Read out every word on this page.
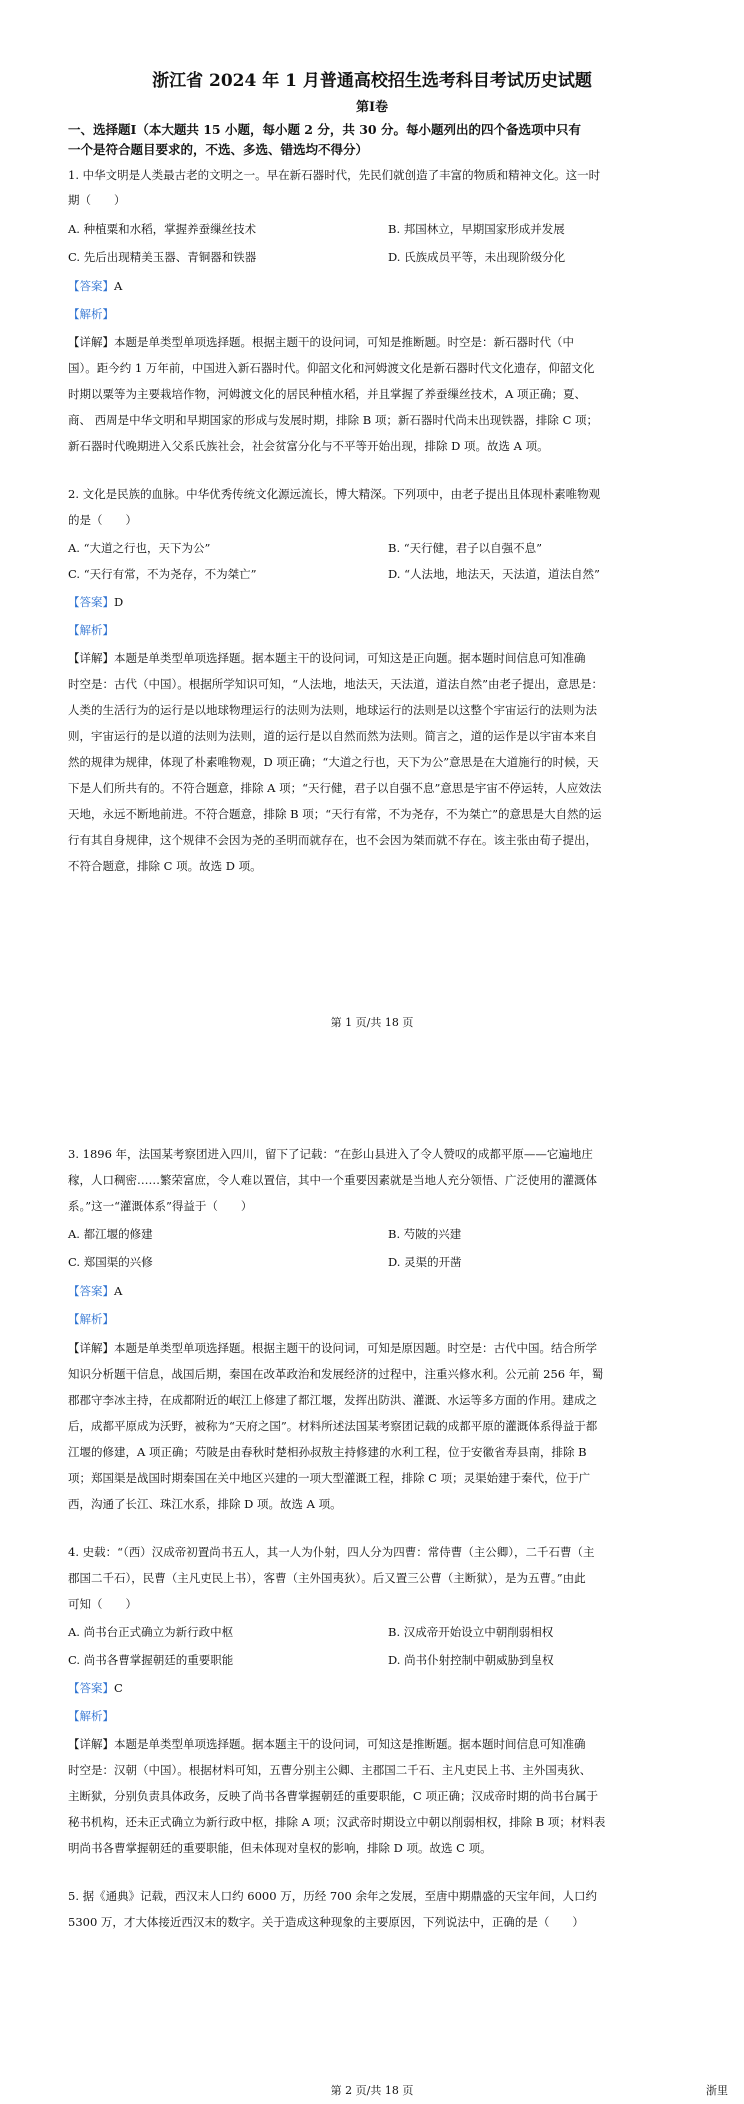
浙江省 2024 年 1 月普通高校招生选考科目考试历史试题
第Ⅰ卷
一、选择题Ⅰ（本大题共 15 小题，每小题 2 分，共 30 分。每小题列出的四个备选项中只有
一个是符合题目要求的，不选、多选、错选均不得分）
1. 中华文明是人类最古老的文明之一。早在新石器时代，先民们就创造了丰富的物质和精神文化。这一时
期（　　）
A. 种植粟和水稻，掌握养蚕缫丝技术	B. 邦国林立，早期国家形成并发展
C. 先后出现精美玉器、青铜器和铁器	D. 氏族成员平等，未出现阶级分化
【答案】A
【解析】
【详解】本题是单类型单项选择题。根据主题干的设问词，可知是推断题。时空是：新石器时代（中
国）。距今约 1 万年前，中国进入新石器时代。仰韶文化和河姆渡文化是新石器时代文化遗存，仰韶文化
时期以粟等为主要栽培作物，河姆渡文化的居民种植水稻，并且掌握了养蚕缫丝技术，A 项正确；夏、
商、 西周是中华文明和早期国家的形成与发展时期，排除 B 项；新石器时代尚未出现铁器，排除 C 项；
新石器时代晚期进入父系氏族社会，社会贫富分化与不平等开始出现，排除 D 项。故选 A 项。
2. 文化是民族的血脉。中华优秀传统文化源远流长，博大精深。下列项中，由老子提出且体现朴素唯物观
的是（　　）
A. “大道之行也，天下为公”	B. “天行健，君子以自强不息”
C. “天行有常，不为尧存，不为桀亡”	D. “人法地，地法天，天法道，道法自然”
【答案】D
【解析】
【详解】本题是单类型单项选择题。据本题主干的设问词，可知这是正向题。据本题时间信息可知准确
时空是：古代（中国）。根据所学知识可知，“人法地，地法天，天法道，道法自然”由老子提出，意思是：
人类的生活行为的运行是以地球物理运行的法则为法则，地球运行的法则是以这整个宇宙运行的法则为法
则，宇宙运行的是以道的法则为法则，道的运行是以自然而然为法则。简言之，道的运作是以宇宙本来自
然的规律为规律，体现了朴素唯物观，D 项正确；“大道之行也，天下为公”意思是在大道施行的时候，天
下是人们所共有的。不符合题意，排除 A 项；“天行健，君子以自强不息”意思是宇宙不停运转，人应效法
天地，永远不断地前进。不符合题意，排除 B 项；“天行有常，不为尧存，不为桀亡”的意思是大自然的运
行有其自身规律，这个规律不会因为尧的圣明而就存在，也不会因为桀而就不存在。该主张由荀子提出，
不符合题意，排除 C 项。故选 D 项。
第 1 页/共 18 页
3. 1896 年，法国某考察团进入四川，留下了记载：“在彭山县进入了令人赞叹的成都平原——它遍地庄
稼，人口稠密……繁荣富庶，令人难以置信，其中一个重要因素就是当地人充分领悟、广泛使用的灌溉体
系。”这一“灌溉体系”得益于（　　）
A. 都江堰的修建	B. 芍陂的兴建
C. 郑国渠的兴修	D. 灵渠的开凿
【答案】A
【解析】
【详解】本题是单类型单项选择题。根据主题干的设问词，可知是原因题。时空是：古代中国。结合所学
知识分析题干信息，战国后期，秦国在改革政治和发展经济的过程中，注重兴修水利。公元前 256 年，蜀
郡郡守李冰主持，在成都附近的岷江上修建了都江堰，发挥出防洪、灌溉、水运等多方面的作用。建成之
后，成都平原成为沃野，被称为“天府之国”。材料所述法国某考察团记载的成都平原的灌溉体系得益于都
江堰的修建，A 项正确；芍陂是由春秋时楚相孙叔敖主持修建的水利工程，位于安徽省寿县南，排除 B
项；郑国渠是战国时期秦国在关中地区兴建的一项大型灌溉工程，排除 C 项；灵渠始建于秦代，位于广
西，沟通了长江、珠江水系，排除 D 项。故选 A 项。
4. 史载：“（西）汉成帝初置尚书五人，其一人为仆射，四人分为四曹：常侍曹（主公卿），二千石曹（主
郡国二千石），民曹（主凡吏民上书），客曹（主外国夷狄）。后又置三公曹（主断狱），是为五曹。”由此
可知（　　）
A. 尚书台正式确立为新行政中枢	B. 汉成帝开始设立中朝削弱相权
C. 尚书各曹掌握朝廷的重要职能	D. 尚书仆射控制中朝威胁到皇权
【答案】C
【解析】
【详解】本题是单类型单项选择题。据本题主干的设问词，可知这是推断题。据本题时间信息可知准确
时空是：汉朝（中国）。根据材料可知，五曹分别主公卿、主郡国二千石、主凡吏民上书、主外国夷狄、
主断狱，分别负责具体政务，反映了尚书各曹掌握朝廷的重要职能，C 项正确；汉成帝时期的尚书台属于
秘书机构，还未正式确立为新行政中枢，排除 A 项；汉武帝时期设立中朝以削弱相权，排除 B 项；材料表
明尚书各曹掌握朝廷的重要职能，但未体现对皇权的影响，排除 D 项。故选 C 项。
5. 据《通典》记载，西汉末人口约 6000 万，历经 700 余年之发展，至唐中期鼎盛的天宝年间，人口约
5300 万，才大体接近西汉末的数字。关于造成这种现象的主要原因，下列说法中，正确的是（　　）
第 2 页/共 18 页	浙里
